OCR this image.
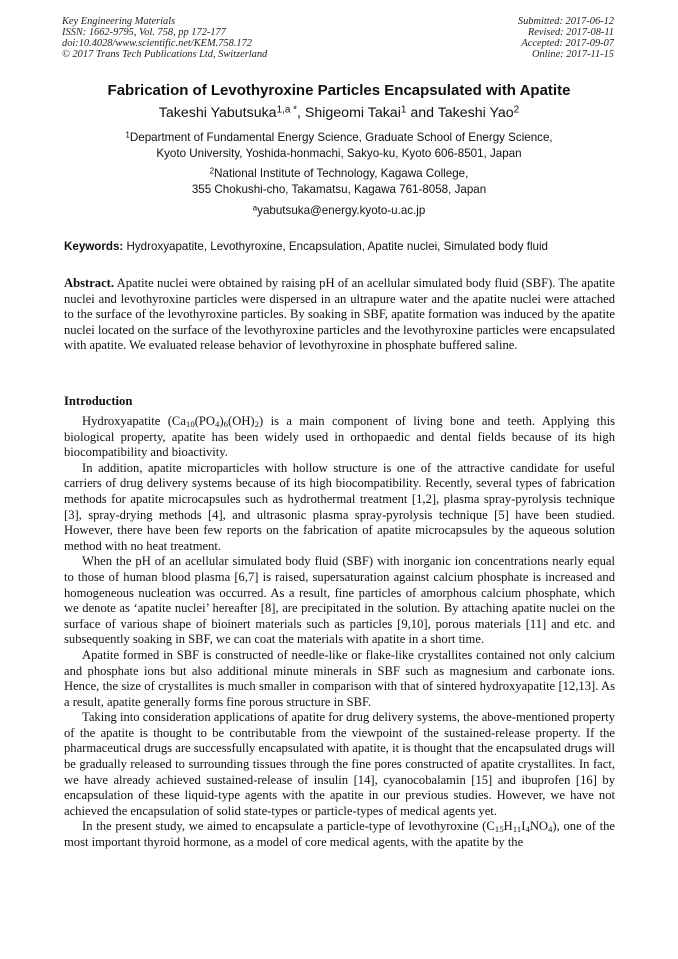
Key Engineering Materials
ISSN: 1662-9795, Vol. 758, pp 172-177
doi:10.4028/www.scientific.net/KEM.758.172
© 2017 Trans Tech Publications Ltd, Switzerland
Submitted: 2017-06-12
Revised: 2017-08-11
Accepted: 2017-09-07
Online: 2017-11-15
Fabrication of Levothyroxine Particles Encapsulated with Apatite
Takeshi Yabutsuka$^{1,a *}$, Shigeomi Takai$^1$ and Takeshi Yao$^2$
$^1$Department of Fundamental Energy Science, Graduate School of Energy Science,
Kyoto University, Yoshida-honmachi, Sakyo-ku, Kyoto 606-8501, Japan
$^2$National Institute of Technology, Kagawa College,
355 Chokushi-cho, Takamatsu, Kagawa 761-8058, Japan
$^a$yabutsuka@energy.kyoto-u.ac.jp
Keywords: Hydroxyapatite, Levothyroxine, Encapsulation, Apatite nuclei, Simulated body fluid

Abstract. Apatite nuclei were obtained by raising pH of an acellular simulated body fluid (SBF). The apatite nuclei and levothyroxine particles were dispersed in an ultrapure water and the apatite nuclei were attached to the surface of the levothyroxine particles. By soaking in SBF, apatite formation was induced by the apatite nuclei located on the surface of the levothyroxine particles and the levothyroxine particles were encapsulated with apatite. We evaluated release behavior of levothyroxine in phosphate buffered saline.

Introduction

Hydroxyapatite $(Ca_{10}(PO_4)_6(OH)_2)$ is a main component of living bone and teeth. Applying this biological property, apatite has been widely used in orthopaedic and dental fields because of its high biocompatibility and bioactivity.

In addition, apatite microparticles with hollow structure is one of the attractive candidate for useful carriers of drug delivery systems because of its high biocompatibility. Recently, several types of fabrication methods for apatite microcapsules such as hydrothermal treatment [1,2], plasma spray-pyrolysis technique [3], spray-drying methods [4], and ultrasonic plasma spray-pyrolysis technique [5] have been studied. However, there have been few reports on the fabrication of apatite microcapsules by the aqueous solution method with no heat treatment.

When the pH of an acellular simulated body fluid (SBF) with inorganic ion concentrations nearly equal to those of human blood plasma [6,7] is raised, supersaturation against calcium phosphate is increased and homogeneous nucleation was occurred. As a result, fine particles of amorphous calcium phosphate, which we denote as ‘apatite nuclei’ hereafter [8], are precipitated in the solution. By attaching apatite nuclei on the surface of various shape of bioinert materials such as particles [9,10], porous materials [11] and etc. and subsequently soaking in SBF, we can coat the materials with apatite in a short time.

Apatite formed in SBF is constructed of needle-like or flake-like crystallites contained not only calcium and phosphate ions but also additional minute minerals in SBF such as magnesium and carbonate ions. Hence, the size of crystallites is much smaller in comparison with that of sintered hydroxyapatite [12,13]. As a result, apatite generally forms fine porous structure in SBF.

Taking into consideration applications of apatite for drug delivery systems, the above-mentioned property of the apatite is thought to be contributable from the viewpoint of the sustained-release property. If the pharmaceutical drugs are successfully encapsulated with apatite, it is thought that the encapsulated drugs will be gradually released to surrounding tissues through the fine pores constructed of apatite crystallites. In fact, we have already achieved sustained-release of insulin [14], cyanocobalamin [15] and ibuprofen [16] by encapsulation of these liquid-type agents with the apatite in our previous studies. However, we have not achieved the encapsulation of solid state-types or particle-types of medical agents yet.

In the present study, we aimed to encapsulate a particle-type of levothyroxine $(C_{15}H_{11}I_4NO_4)$, one of the most important thyroid hormone, as a model of core medical agents, with the apatite by the
